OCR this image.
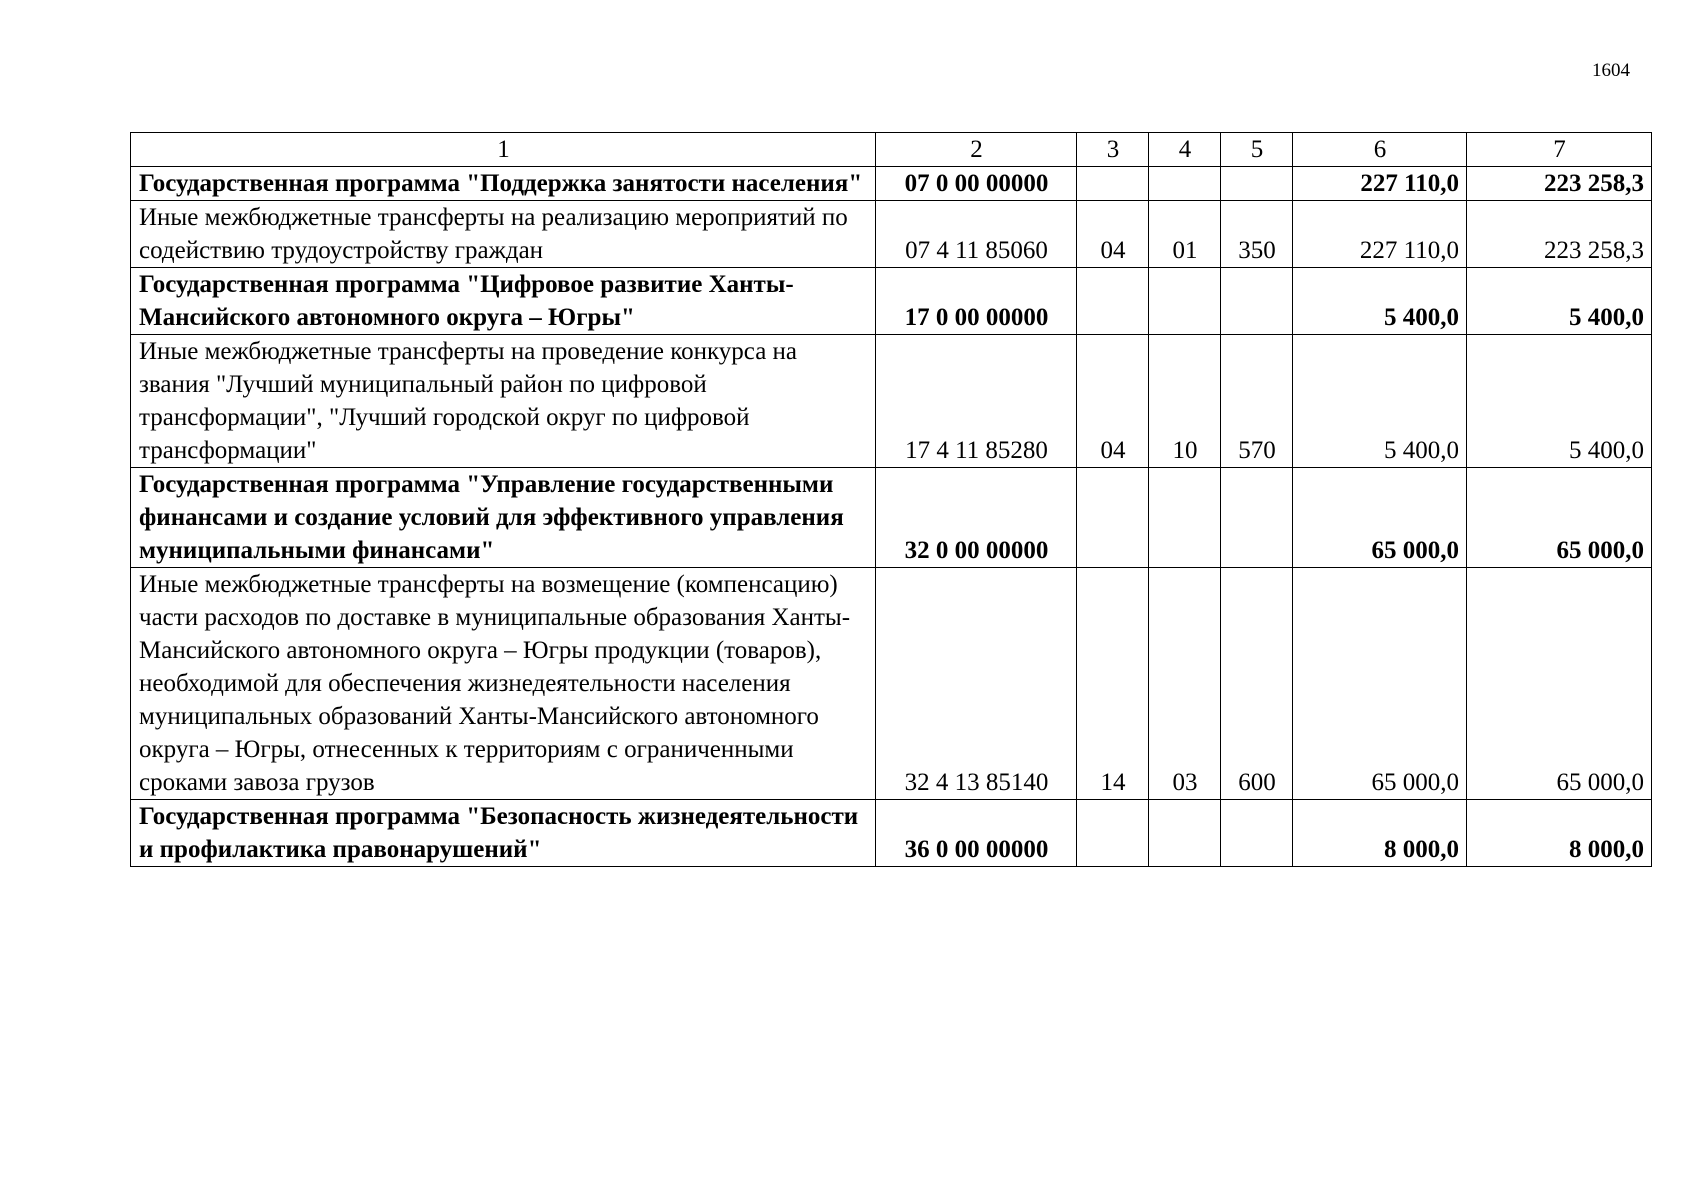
1604
1	2	3	4	5	6	7
Государственная программа "Поддержка занятости населения"	07 0 00 00000				227 110,0	223 258,3
Иные межбюджетные трансферты на реализацию мероприятий по содействию трудоустройству граждан	07 4 11 85060	04	01	350	227 110,0	223 258,3
Государственная программа "Цифровое развитие Ханты-Мансийского автономного округа – Югры"	17 0 00 00000				5 400,0	5 400,0
Иные межбюджетные трансферты на проведение конкурса на звания "Лучший муниципальный район по цифровой трансформации", "Лучший городской округ по цифровой трансформации"	17 4 11 85280	04	10	570	5 400,0	5 400,0
Государственная программа "Управление государственными финансами и создание условий для эффективного управления муниципальными финансами"	32 0 00 00000				65 000,0	65 000,0
Иные межбюджетные трансферты на возмещение (компенсацию) части расходов по доставке в муниципальные образования Ханты-Мансийского автономного округа – Югры продукции (товаров), необходимой для обеспечения жизнедеятельности населения муниципальных образований Ханты-Мансийского автономного округа – Югры, отнесенных к территориям с ограниченными сроками завоза грузов	32 4 13 85140	14	03	600	65 000,0	65 000,0
Государственная программа "Безопасность жизнедеятельности и профилактика правонарушений"	36 0 00 00000				8 000,0	8 000,0
